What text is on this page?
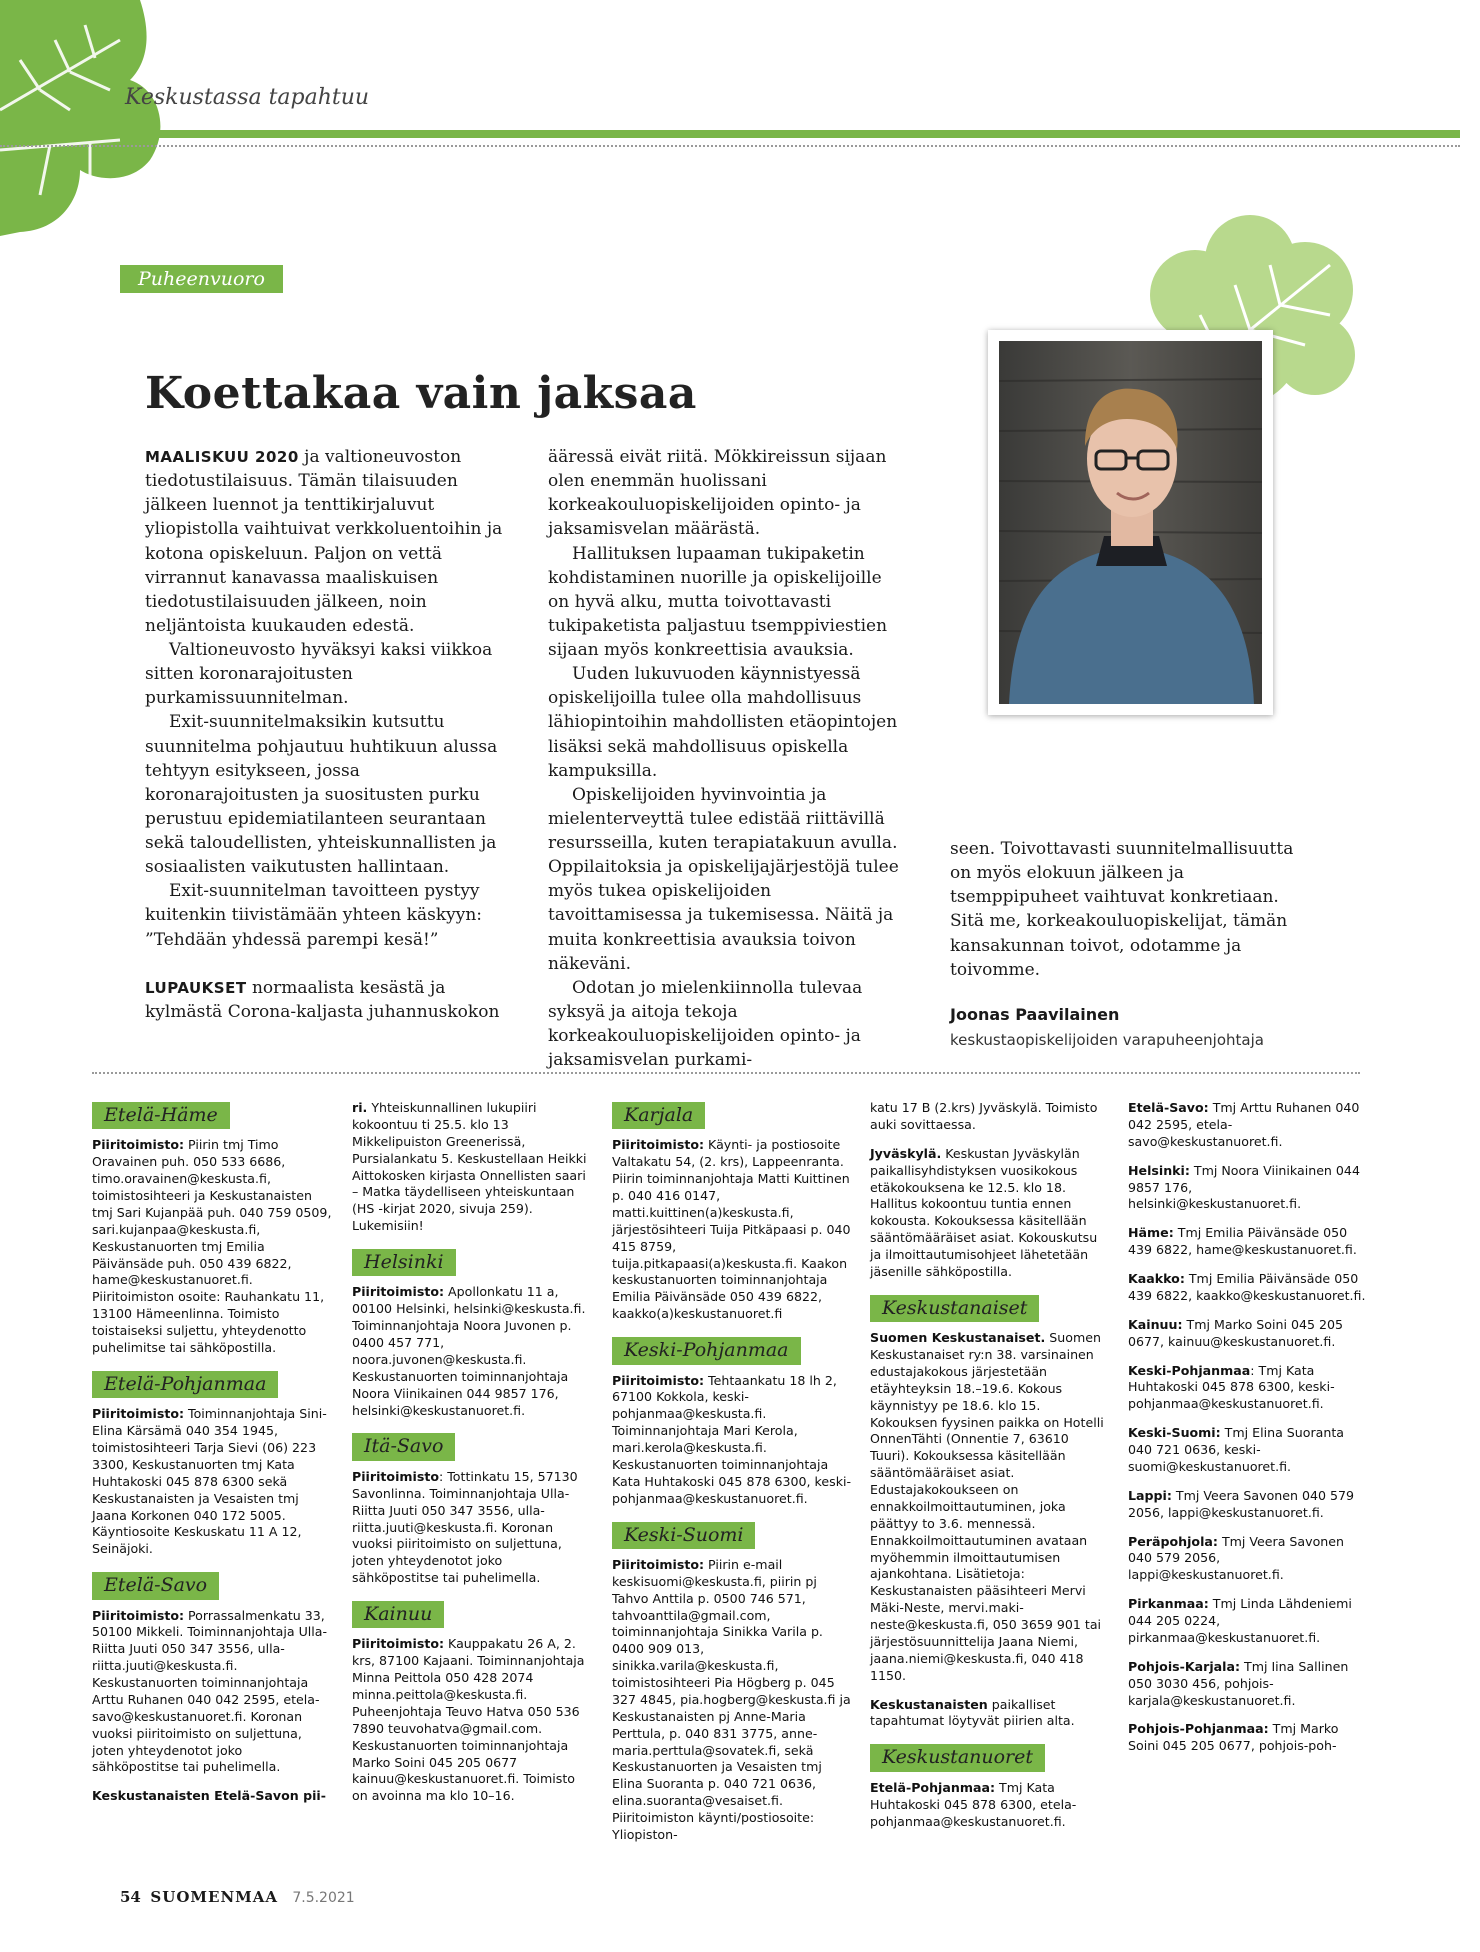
Keskustassa tapahtuu
Puheenvuoro
Koettakaa vain jaksaa

MAALISKUU 2020 ja valtioneuvoston tiedotustilaisuus. Tämän tilaisuuden jälkeen luennot ja tenttikirjaluvut yliopistolla vaihtuivat verkkoluentoihin ja kotona opiskeluun. Paljon on vettä virrannut kanavassa maaliskuisen tiedotustilaisuuden jälkeen, noin neljäntoista kuukauden edestä.

Valtioneuvosto hyväksyi kaksi viikkoa sitten koronarajoitusten purkamissuunnitelman.

Exit-suunnitelmaksikin kutsuttu suunnitelma pohjautuu huhtikuun alussa tehtyyn esitykseen, jossa koronarajoitusten ja suositusten purku perustuu epidemiatilanteen seurantaan sekä taloudellisten, yhteiskunnallisten ja sosiaalisten vaikutusten hallintaan.

Exit-suunnitelman tavoitteen pystyy kuitenkin tiivistämään yhteen käskyyn: ”Tehdään yhdessä parempi kesä!”

LUPAUKSET normaalista kesästä ja kylmästä Corona-kaljasta juhannuskokon

ääressä eivät riitä. Mökkireissun sijaan olen enemmän huolissani korkeakouluopiskelijoiden opinto- ja jaksamisvelan määrästä.

Hallituksen lupaaman tukipaketin kohdistaminen nuorille ja opiskelijoille on hyvä alku, mutta toivottavasti tukipaketista paljastuu tsemppiviestien sijaan myös konkreettisia avauksia.

Uuden lukuvuoden käynnistyessä opiskelijoilla tulee olla mahdollisuus lähiopintoihin mahdollisten etäopintojen lisäksi sekä mahdollisuus opiskella kampuksilla.

Opiskelijoiden hyvinvointia ja mielenterveyttä tulee edistää riittävillä resursseilla, kuten terapiatakuun avulla. Oppilaitoksia ja opiskelijajärjestöjä tulee myös tukea opiskelijoiden tavoittamisessa ja tukemisessa. Näitä ja muita konkreettisia avauksia toivon näkeväni.

Odotan jo mielenkiinnolla tulevaa syksyä ja aitoja tekoja korkeakouluopiskelijoiden opinto- ja jaksamisvelan purkami-

seen. Toivottavasti suunnitelmallisuutta on myös elokuun jälkeen ja tsemppipuheet vaihtuvat konkretiaan. Sitä me, korkeakouluopiskelijat, tämän kansakunnan toivot, odotamme ja toivomme.

Joonas Paavilainen
keskustaopiskelijoiden varapuheenjohtaja
Etelä-Häme

Piiritoimisto: Piirin tmj Timo Oravainen puh. 050 533 6686, timo.oravainen@keskusta.fi, toimistosihteeri ja Keskustanaisten tmj Sari Kujanpää puh. 040 759 0509, sari.kujanpaa@keskusta.fi, Keskustanuorten tmj Emilia Päivänsäde puh. 050 439 6822, hame@keskustanuoret.fi. Piiritoimiston osoite: Rauhankatu 11, 13100 Hämeenlinna. Toimisto toistaiseksi suljettu, yhteydenotto puhelimitse tai sähköpostilla.

Etelä-Pohjanmaa

Piiritoimisto: Toiminnanjohtaja Sini-Elina Kärsämä 040 354 1945, toimistosihteeri Tarja Sievi (06) 223 3300, Keskustanuorten tmj Kata Huhtakoski 045 878 6300 sekä Keskustanaisten ja Vesaisten tmj Jaana Korkonen 040 172 5005. Käyntiosoite Keskuskatu 11 A 12, Seinäjoki.

Etelä-Savo

Piiritoimisto: Porrassalmenkatu 33, 50100 Mikkeli. Toiminnanjohtaja Ulla-Riitta Juuti 050 347 3556, ulla-riitta.juuti@keskusta.fi. Keskustanuorten toiminnanjohtaja Arttu Ruhanen 040 042 2595, etela-savo@keskustanuoret.fi. Koronan vuoksi piiritoimisto on suljettuna, joten yhteydenotot joko sähköpostitse tai puhelimella.

Keskustanaisten Etelä-Savon pii-

ri. Yhteiskunnallinen lukupiiri kokoontuu ti 25.5. klo 13 Mikkelipuiston Greenerissä, Pursialankatu 5. Keskustellaan Heikki Aittokosken kirjasta Onnellisten saari – Matka täydelliseen yhteiskuntaan (HS -kirjat 2020, sivuja 259). Lukemisiin!

Helsinki

Piiritoimisto: Apollonkatu 11 a, 00100 Helsinki, helsinki@keskusta.fi. Toiminnanjohtaja Noora Juvonen p. 0400 457 771, noora.juvonen@keskusta.fi. Keskustanuorten toiminnanjohtaja Noora Viinikainen 044 9857 176, helsinki@keskustanuoret.fi.

Itä-Savo

Piiritoimisto: Tottinkatu 15, 57130 Savonlinna. Toiminnanjohtaja Ulla-Riitta Juuti 050 347 3556, ulla-riitta.juuti@keskusta.fi. Koronan vuoksi piiritoimisto on suljettuna, joten yhteydenotot joko sähköpostitse tai puhelimella.

Kainuu

Piiritoimisto: Kauppakatu 26 A, 2. krs, 87100 Kajaani. Toiminnanjohtaja Minna Peittola 050 428 2074 minna.peittola@keskusta.fi. Puheenjohtaja Teuvo Hatva 050 536 7890 teuvohatva@gmail.com. Keskustanuorten toiminnanjohtaja Marko Soini 045 205 0677 kainuu@keskustanuoret.fi. Toimisto on avoinna ma klo 10–16.

Karjala

Piiritoimisto: Käynti- ja postiosoite Valtakatu 54, (2. krs), Lappeenranta. Piirin toiminnanjohtaja Matti Kuittinen p. 040 416 0147, matti.kuittinen(a)keskusta.fi, järjestösihteeri Tuija Pitkäpaasi p. 040 415 8759, tuija.pitkapaasi(a)keskusta.fi. Kaakon keskustanuorten toiminnanjohtaja Emilia Päivänsäde 050 439 6822, kaakko(a)keskustanuoret.fi

Keski-Pohjanmaa

Piiritoimisto: Tehtaankatu 18 lh 2, 67100 Kokkola, keski-pohjanmaa@keskusta.fi. Toiminnanjohtaja Mari Kerola, mari.kerola@keskusta.fi. Keskustanuorten toiminnanjohtaja Kata Huhtakoski 045 878 6300, keski-pohjanmaa@keskustanuoret.fi.

Keski-Suomi

Piiritoimisto: Piirin e-mail keskisuomi@keskusta.fi, piirin pj Tahvo Anttila p. 0500 746 571, tahvoanttila@gmail.com, toiminnanjohtaja Sinikka Varila p. 0400 909 013, sinikka.varila@keskusta.fi, toimistosihteeri Pia Högberg p. 045 327 4845, pia.hogberg@keskusta.fi ja Keskustanaisten pj Anne-Maria Perttula, p. 040 831 3775, anne-maria.perttula@sovatek.fi, sekä Keskustanuorten ja Vesaisten tmj Elina Suoranta p. 040 721 0636, elina.suoranta@vesaiset.fi. Piiritoimiston käynti/postiosoite: Yliopiston-

katu 17 B (2.krs) Jyväskylä. Toimisto auki sovittaessa.

Jyväskylä. Keskustan Jyväskylän paikallisyhdistyksen vuosikokous etäkokouksena ke 12.5. klo 18. Hallitus kokoontuu tuntia ennen kokousta. Kokouksessa käsitellään sääntömääräiset asiat. Kokouskutsu ja ilmoittautumisohjeet lähetetään jäsenille sähköpostilla.

Keskustanaiset

Suomen Keskustanaiset. Suomen Keskustanaiset ry:n 38. varsinainen edustajakokous järjestetään etäyhteyksin 18.–19.6. Kokous käynnistyy pe 18.6. klo 15. Kokouksen fyysinen paikka on Hotelli OnnenTähti (Onnentie 7, 63610 Tuuri). Kokouksessa käsitellään sääntömääräiset asiat. Edustajakokoukseen on ennakkoilmoittautuminen, joka päättyy to 3.6. mennessä. Ennakkoilmoittautuminen avataan myöhemmin ilmoittautumisen ajankohtana. Lisätietoja: Keskustanaisten pääsihteeri Mervi Mäki-Neste, mervi.maki-neste@keskusta.fi, 050 3659 901 tai järjestösuunnittelija Jaana Niemi, jaana.niemi@keskusta.fi, 040 418 1150.

Keskustanaisten paikalliset tapahtumat löytyvät piirien alta.

Keskustanuoret

Etelä-Pohjanmaa: Tmj Kata Huhtakoski 045 878 6300, etela-pohjanmaa@keskustanuoret.fi.

Etelä-Savo: Tmj Arttu Ruhanen 040 042 2595, etela-savo@keskustanuoret.fi.

Helsinki: Tmj Noora Viinikainen 044 9857 176, helsinki@keskustanuoret.fi.

Häme: Tmj Emilia Päivänsäde 050 439 6822, hame@keskustanuoret.fi.

Kaakko: Tmj Emilia Päivänsäde 050 439 6822, kaakko@keskustanuoret.fi.

Kainuu: Tmj Marko Soini 045 205 0677, kainuu@keskustanuoret.fi.

Keski-Pohjanmaa: Tmj Kata Huhtakoski 045 878 6300, keski-pohjanmaa@keskustanuoret.fi.

Keski-Suomi: Tmj Elina Suoranta 040 721 0636, keski-suomi@keskustanuoret.fi.

Lappi: Tmj Veera Savonen 040 579 2056, lappi@keskustanuoret.fi.

Peräpohjola: Tmj Veera Savonen 040 579 2056, lappi@keskustanuoret.fi.

Pirkanmaa: Tmj Linda Lähdeniemi 044 205 0224, pirkanmaa@keskustanuoret.fi.

Pohjois-Karjala: Tmj Iina Sallinen 050 3030 456, pohjois-karjala@keskustanuoret.fi.

Pohjois-Pohjanmaa: Tmj Marko Soini 045 205 0677, pohjois-poh-

54 SUOMENMAA 7.5.2021
